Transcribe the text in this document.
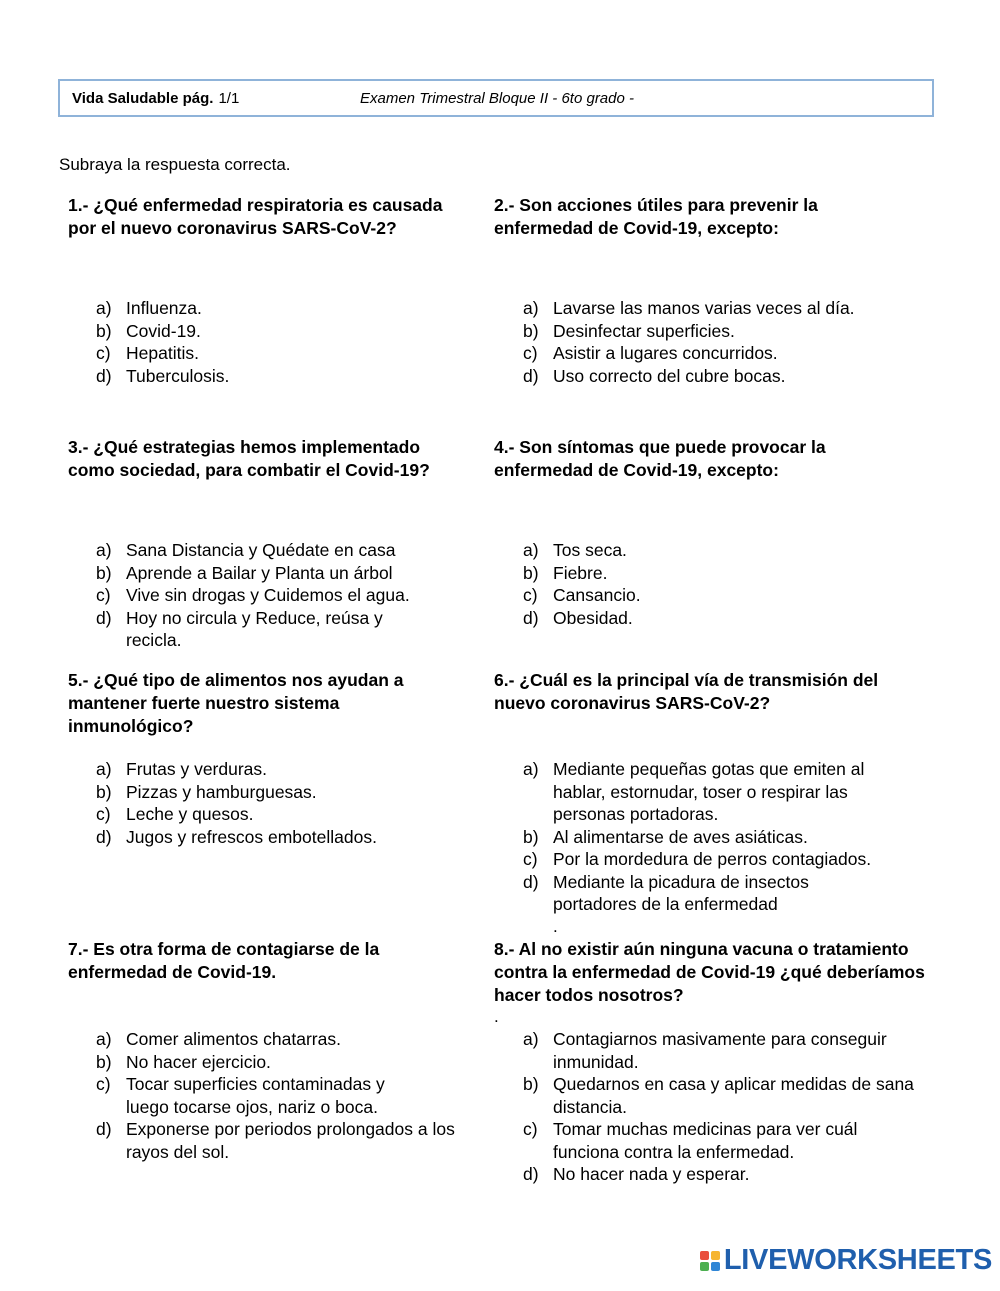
Vida Saludable pág. 1/1	Examen Trimestral Bloque II - 6to grado -
Subraya la respuesta correcta.

1.- ¿Qué enfermedad respiratoria es causada por el nuevo coronavirus SARS-CoV-2?

a) Influenza.
b) Covid-19.
c) Hepatitis.
d) Tuberculosis.

2.- Son acciones útiles para prevenir la enfermedad de Covid-19, excepto:

a) Lavarse las manos varias veces al día.
b) Desinfectar superficies.
c) Asistir a lugares concurridos.
d) Uso correcto del cubre bocas.

3.- ¿Qué estrategias hemos implementado como sociedad, para combatir el Covid-19?

a) Sana Distancia y Quédate en casa
b) Aprende a Bailar y Planta un árbol
c) Vive sin drogas y Cuidemos el agua.
d) Hoy no circula y Reduce, reúsa y recicla.

4.- Son síntomas que puede provocar la enfermedad de Covid-19, excepto:

a) Tos seca.
b) Fiebre.
c) Cansancio.
d) Obesidad.

5.- ¿Qué tipo de alimentos nos ayudan a mantener fuerte nuestro sistema inmunológico?

a) Frutas y verduras.
b) Pizzas y hamburguesas.
c) Leche y quesos.
d) Jugos y refrescos embotellados.

6.- ¿Cuál es la principal vía de transmisión del nuevo coronavirus SARS-CoV-2?

a) Mediante pequeñas gotas que emiten al hablar, estornudar, toser o respirar las personas portadoras.
b) Al alimentarse de aves asiáticas.
c) Por la mordedura de perros contagiados.
d) Mediante la picadura de insectos portadores de la enfermedad
.

7.- Es otra forma de contagiarse de la enfermedad de Covid-19.

a) Comer alimentos chatarras.
b) No hacer ejercicio.
c) Tocar superficies contaminadas y luego tocarse ojos, nariz o boca.
d) Exponerse por periodos prolongados a los rayos del sol.

8.- Al no existir aún ninguna vacuna o tratamiento contra la enfermedad de Covid-19 ¿qué deberíamos hacer todos nosotros?

.
a) Contagiarnos masivamente para conseguir inmunidad.
b) Quedarnos en casa y aplicar medidas de sana distancia.
c) Tomar muchas medicinas para ver cuál funciona contra la enfermedad.
d) No hacer nada y esperar.
LIVEWORKSHEETS
